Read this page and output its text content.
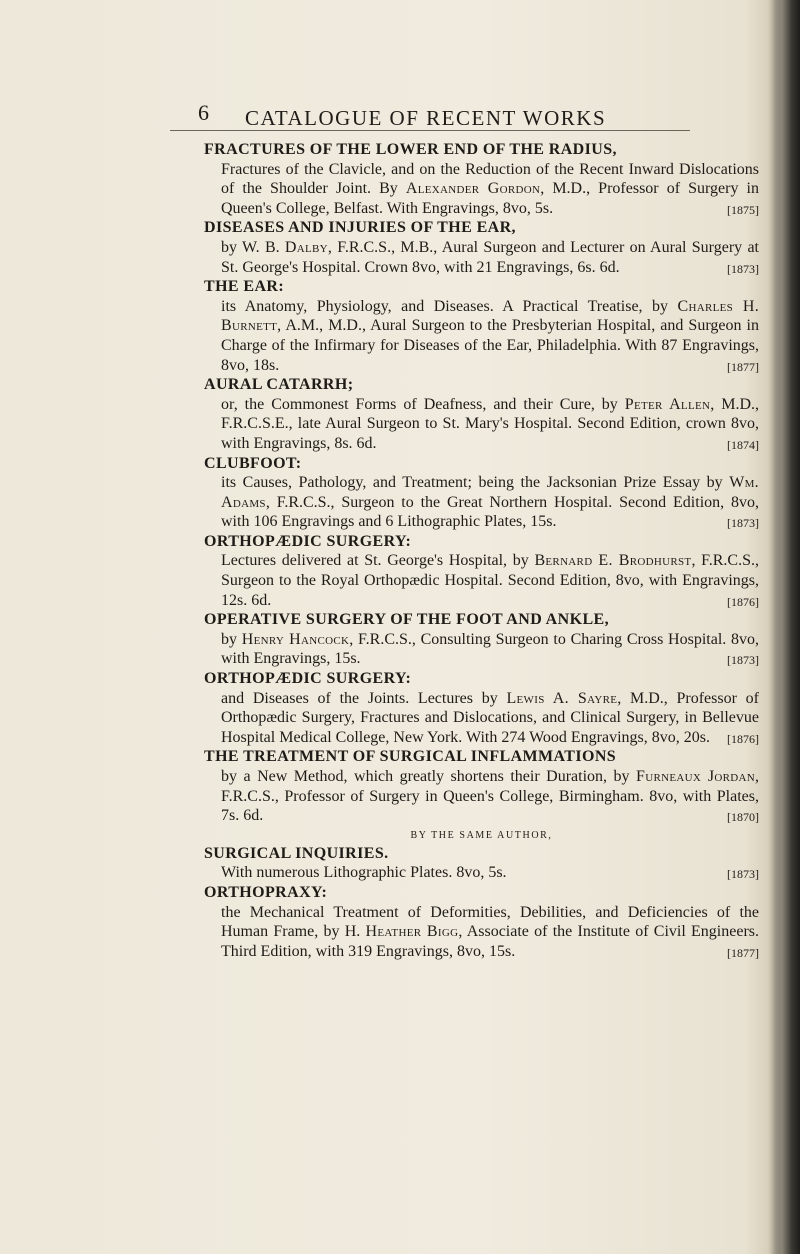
6 CATALOGUE OF RECENT WORKS
FRACTURES OF THE LOWER END OF THE RADIUS,
Fractures of the Clavicle, and on the Reduction of the Recent Inward Dislocations of the Shoulder Joint. By Alexander Gordon, M.D., Professor of Surgery in Queen's College, Belfast. With Engravings, 8vo, 5s.	[1875]
DISEASES AND INJURIES OF THE EAR,
by W. B. Dalby, F.R.C.S., M.B., Aural Surgeon and Lecturer on Aural Surgery at St. George's Hospital. Crown 8vo, with 21 Engravings, 6s. 6d.	[1873]
THE EAR:
its Anatomy, Physiology, and Diseases. A Practical Treatise, by Charles H. Burnett, A.M., M.D., Aural Surgeon to the Presbyterian Hospital, and Surgeon in Charge of the Infirmary for Diseases of the Ear, Philadelphia. With 87 Engravings, 8vo, 18s.	[1877]
AURAL CATARRH;
or, the Commonest Forms of Deafness, and their Cure, by Peter Allen, M.D., F.R.C.S.E., late Aural Surgeon to St. Mary's Hospital. Second Edition, crown 8vo, with Engravings, 8s. 6d.	[1874]
CLUBFOOT:
its Causes, Pathology, and Treatment; being the Jacksonian Prize Essay by Wm. Adams, F.R.C.S., Surgeon to the Great Northern Hospital. Second Edition, 8vo, with 106 Engravings and 6 Lithographic Plates, 15s.	[1873]
ORTHOPÆDIC SURGERY:
Lectures delivered at St. George's Hospital, by Bernard E. Brodhurst, F.R.C.S., Surgeon to the Royal Orthopædic Hospital. Second Edition, 8vo, with Engravings, 12s. 6d.	[1876]
OPERATIVE SURGERY OF THE FOOT AND ANKLE,
by Henry Hancock, F.R.C.S., Consulting Surgeon to Charing Cross Hospital. 8vo, with Engravings, 15s.	[1873]
ORTHOPÆDIC SURGERY:
and Diseases of the Joints. Lectures by Lewis A. Sayre, M.D., Professor of Orthopædic Surgery, Fractures and Dislocations, and Clinical Surgery, in Bellevue Hospital Medical College, New York. With 274 Wood Engravings, 8vo, 20s. [1876]
THE TREATMENT OF SURGICAL INFLAMMATIONS
by a New Method, which greatly shortens their Duration, by Furneaux Jordan, F.R.C.S., Professor of Surgery in Queen's College, Birmingham. 8vo, with Plates, 7s. 6d.	[1870]
BY THE SAME AUTHOR,
SURGICAL INQUIRIES.
With numerous Lithographic Plates. 8vo, 5s.	[1873]
ORTHOPRAXY:
the Mechanical Treatment of Deformities, Debilities, and Deficiencies of the Human Frame, by H. Heather Bigg, Associate of the Institute of Civil Engineers. Third Edition, with 319 Engravings, 8vo, 15s.	[1877]
